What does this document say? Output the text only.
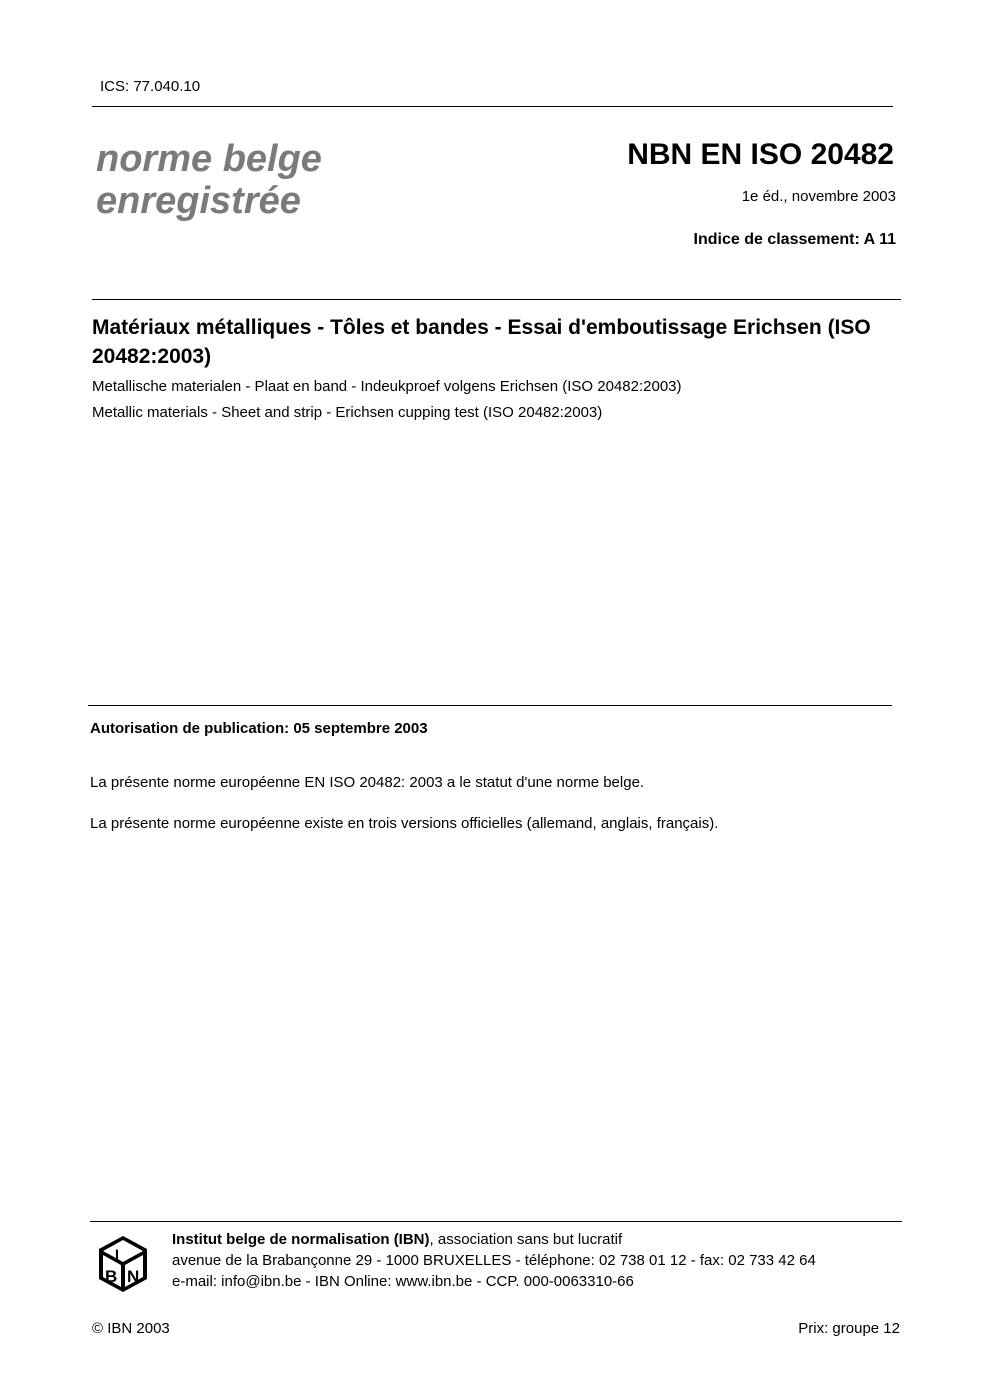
ICS: 77.040.10
norme belge
enregistrée
NBN EN ISO 20482
1e éd., novembre 2003
Indice de classement: A 11
Matériaux métalliques - Tôles et bandes - Essai d'emboutissage Erichsen (ISO 20482:2003)
Metallische materialen - Plaat en band - Indeukproef volgens Erichsen (ISO 20482:2003)
Metallic materials - Sheet and strip - Erichsen cupping test (ISO 20482:2003)
Autorisation de publication: 05 septembre 2003
La présente norme européenne EN ISO 20482: 2003 a le statut d'une norme belge.
La présente norme européenne existe en trois versions officielles (allemand, anglais, français).
I
B N
Institut belge de normalisation (IBN), association sans but lucratif
avenue de la Brabançonne 29 - 1000 BRUXELLES - téléphone: 02 738 01 12 - fax: 02 733 42 64
e-mail: info@ibn.be - IBN Online: www.ibn.be - CCP. 000-0063310-66
© IBN 2003	Prix: groupe 12
